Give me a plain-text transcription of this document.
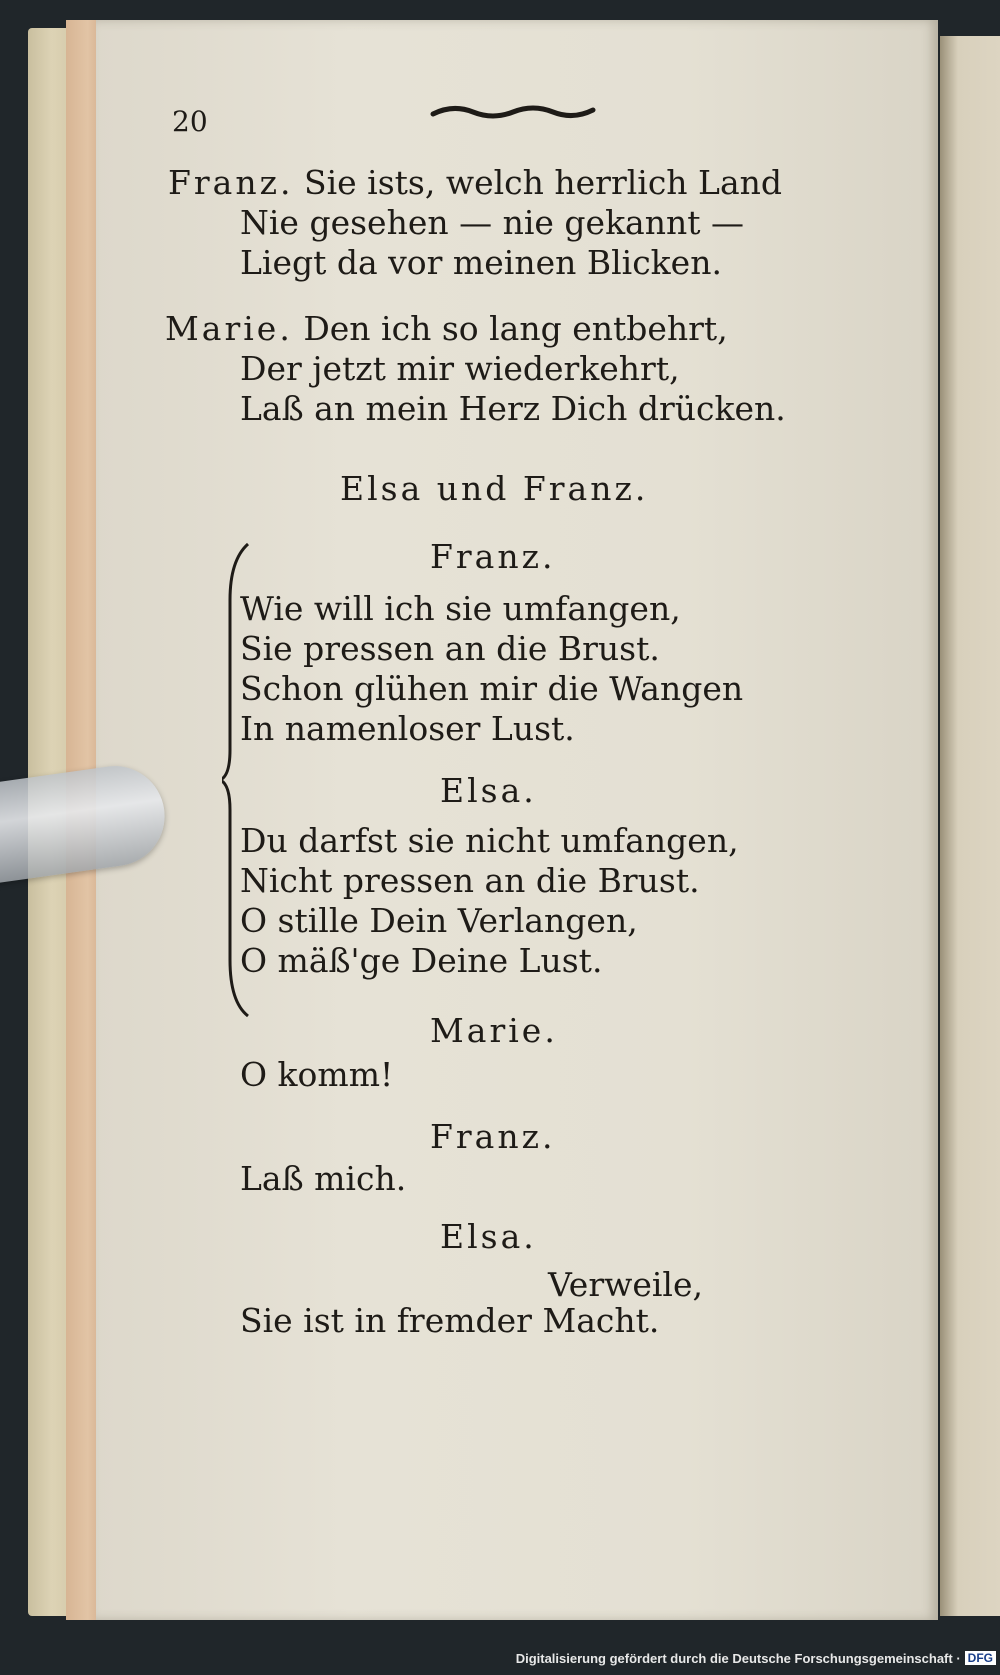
20
Franz. Sie ists, welch herrlich Land
Nie gesehen — nie gekannt —
Liegt da vor meinen Blicken.
Marie. Den ich so lang entbehrt,
Der jetzt mir wiederkehrt,
Laß an mein Herz Dich drücken.
Elsa und Franz.
Franz.
Wie will ich sie umfangen,
Sie pressen an die Brust.
Schon glühen mir die Wangen
In namenloser Lust.
Elsa.
Du darfst sie nicht umfangen,
Nicht pressen an die Brust.
O stille Dein Verlangen,
O mäß'ge Deine Lust.
Marie.
O komm!
Franz.
Laß mich.
Elsa.
Verweile,
Sie ist in fremder Macht.
Digitalisierung gefördert durch die Deutsche Forschungsgemeinschaft · DFG
